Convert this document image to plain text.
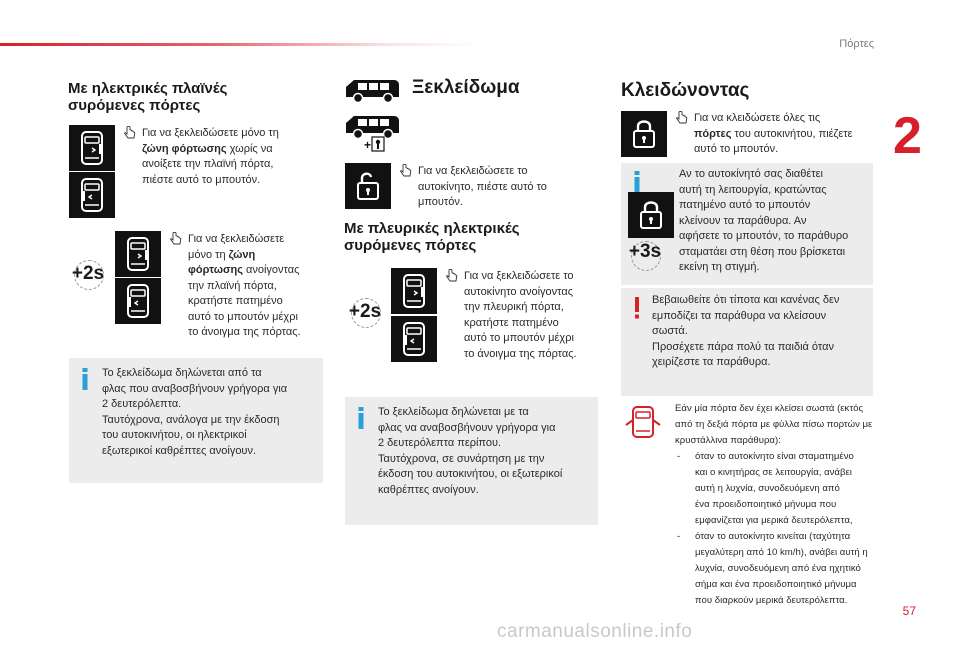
Πόρτες
2
Με ηλεκτρικές πλαϊνές
συρόμενες πόρτες
Για να ξεκλειδώσετε μόνο τη
ζώνη φόρτωσης χωρίς να
ανοίξετε την πλαϊνή πόρτα,
πιέστε αυτό το μπουτόν.
+2s
Για να ξεκλειδώσετε
μόνο τη ζώνη
φόρτωσης ανοίγοντας
την πλαϊνή πόρτα,
κρατήστε πατημένο
αυτό το μπουτόν μέχρι
το άνοιγμα της πόρτας.
Το ξεκλείδωμα δηλώνεται από τα
φλας που αναβοσβήνουν γρήγορα για
2 δευτερόλεπτα.
Ταυτόχρονα, ανάλογα με την έκδοση
του αυτοκινήτου, οι ηλεκτρικοί
εξωτερικοί καθρέπτες ανοίγουν.
Ξεκλείδωμα
+
Για να ξεκλειδώσετε το
αυτοκίνητο, πιέστε αυτό το
μπουτόν.
Με πλευρικές ηλεκτρικές
συρόμενες πόρτες
+2s
Για να ξεκλειδώσετε το
αυτοκίνητο ανοίγοντας
την πλευρική πόρτα,
κρατήστε πατημένο
αυτό το μπουτόν μέχρι
το άνοιγμα της πόρτας.
Το ξεκλείδωμα δηλώνεται με τα
φλας να αναβοσβήνουν γρήγορα για
2 δευτερόλεπτα περίπου.
Ταυτόχρονα, σε συνάρτηση με την
έκδοση του αυτοκινήτου, οι εξωτερικοί
καθρέπτες ανοίγουν.
Κλειδώνοντας
Για να κλειδώσετε όλες τις
πόρτες του αυτοκινήτου, πιέζετε
αυτό το μπουτόν.
+3s
Αν το αυτοκίνητό σας διαθέτει
αυτή τη λειτουργία, κρατώντας
πατημένο αυτό το μπουτόν
κλείνουν τα παράθυρα. Αν
αφήσετε το μπουτόν, το παράθυρο
σταματάει στη θέση που βρίσκεται
εκείνη τη στιγμή.
Βεβαιωθείτε ότι τίποτα και κανένας δεν
εμποδίζει τα παράθυρα να κλείσουν
σωστά.
Προσέχετε πάρα πολύ τα παιδιά όταν
χειρίζεστε τα παράθυρα.
Εάν μία πόρτα δεν έχει κλείσει σωστά (εκτός
από τη δεξιά πόρτα με φύλλα πίσω πορτών με
κρυστάλλινα παράθυρα):
- όταν το αυτοκίνητο είναι σταματημένο
και ο κινητήρας σε λειτουργία, ανάβει
αυτή η λυχνία, συνοδευόμενη από
ένα προειδοποιητικό μήνυμα που
εμφανίζεται για μερικά δευτερόλεπτα,
- όταν το αυτοκίνητο κινείται (ταχύτητα
μεγαλύτερη από 10 km/h), ανάβει αυτή η
λυχνία, συνοδευόμενη από ένα ηχητικό
σήμα και ένα προειδοποιητικό μήνυμα
που διαρκούν μερικά δευτερόλεπτα.
57
carmanualsonline.info
